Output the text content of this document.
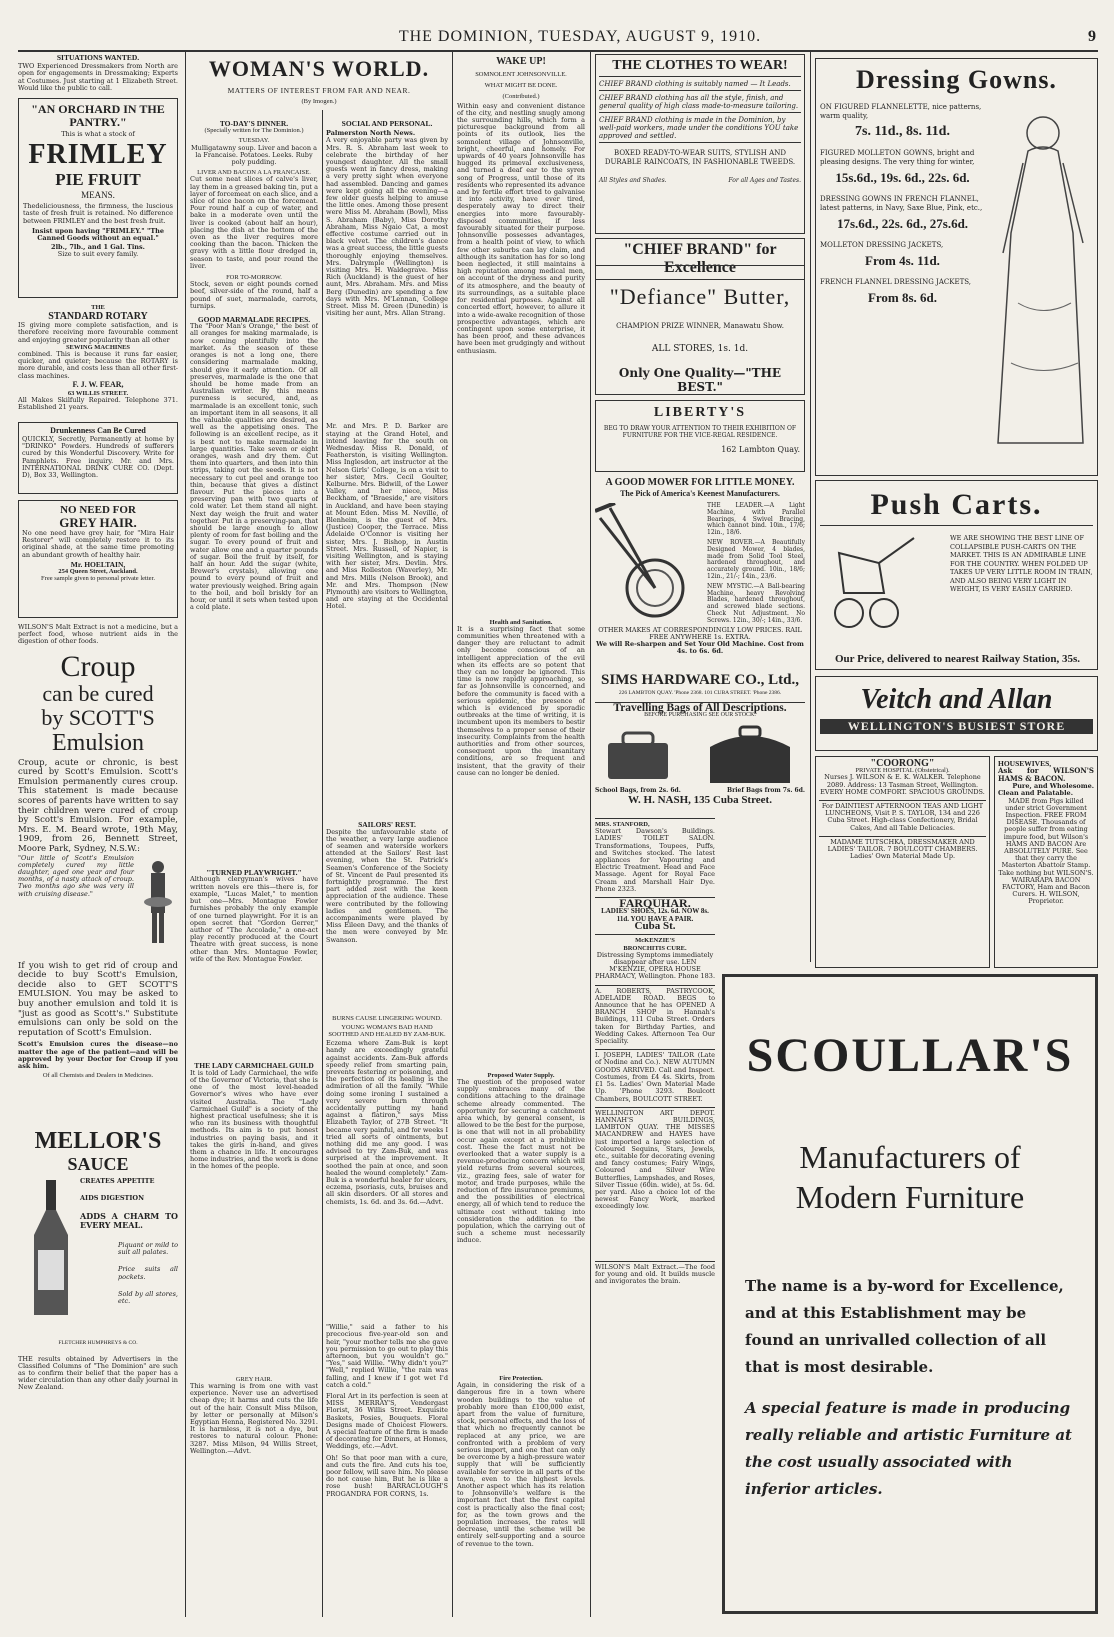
THE DOMINION, TUESDAY, AUGUST 9, 1910.	9
SITUATIONS WANTED.
TWO Experienced Dressmakers from North are open for engagements in Dressmaking; Experts at Costumes. Just starting at 1 Elizabeth Street. Would like the public to call.
"AN ORCHARD IN THE PANTRY."
This is what a stock of
FRIMLEY
PIE FRUIT
MEANS.
Thedeliciousness, the firmness, the luscious taste of fresh fruit is retained. No difference between FRIMLEY and the best fresh fruit.
Insist upon having "FRIMLEY." "The Canned Goods without an equal."
2lb., 7lb., and 1 Gal. Tins.
Size to suit every family.
THE
STANDARD ROTARY
IS giving more complete satisfaction, and is therefore receiving more favourable comment and enjoying greater popularity than all other
SEWING MACHINES
combined. This is because it runs far easier, quicker, and quieter; because the ROTARY is more durable, and costs less than all other first-class machines.
F. J. W. FEAR,
63 WILLIS STREET.
All Makes Skilfully Repaired. Telephone 371. Established 21 years.
Drunkenness Can Be Cured
QUICKLY, Secretly, Permanently at home by "DRINKO" Powders. Hundreds of sufferers cured by this Wonderful Discovery. Write for Pamphlets. Free inquiry. Mr. and Mrs. INTERNATIONAL DRINK CURE CO. (Dept. D), Box 33, Wellington.
NO NEED FOR
GREY HAIR.
No one need have grey hair, for "Mira Hair Restorer" will completely restore it to its original shade, at the same time promoting an abundant growth of healthy hair.
Mr. HOELTAIN,
254 Queen Street, Auckland.
Free sample given to personal private letter.
WILSON'S Malt Extract is not a medicine, but a perfect food, whose nutrient aids in the digestion of other foods.
Croup
can be cured
by SCOTT'S
Emulsion
Croup, acute or chronic, is best cured by Scott's Emulsion. Scott's Emulsion permanently cures croup. This statement is made because scores of parents have written to say their children were cured of croup by Scott's Emulsion. For example, Mrs. E. M. Beard wrote, 19th May, 1909, from 26, Bennett Street, Moore Park, Sydney, N.S.W.:
"Our little of Scott's Emulsion completely cured my little daughter, aged one year and four months, of a nasty attack of croup. Two months ago she was very ill with cruising disease."
If you wish to get rid of croup and decide to buy Scott's Emulsion, decide also to GET SCOTT'S EMULSION. You may be asked to buy another emulsion and told it is "just as good as Scott's." Substitute emulsions can only be sold on the reputation of Scott's Emulsion.
Scott's Emulsion cures the disease—no matter the age of the patient—and will be approved by your Doctor for Croup if you ask him.
Of all Chemists and Dealers in Medicines.
MELLOR'S
SAUCE
CREATES APPETITE
AIDS DIGESTION
ADDS A CHARM TO EVERY MEAL.
Piquant or mild to suit all palates.
Price suits all pockets.
Sold by all stores, etc.
FLETCHER HUMPHREYS & CO.
THE results obtained by Advertisers in the Classified Columns of "The Dominion" are such as to confirm their belief that the paper has a wider circulation than any other daily journal in New Zealand.
WOMAN'S WORLD.
MATTERS OF INTEREST FROM FAR AND NEAR.
(By Imogen.)
TO-DAY'S DINNER.
(Specially written for The Dominion.)
TUESDAY.
Mulligatawny soup. Liver and bacon a la Francaise. Potatoes. Leeks. Ruby poly pudding.
LIVER AND BACON A LA FRANCAISE.
Cut some neat slices of calve's liver, lay them in a greased baking tin, put a layer of forcemeat on each slice, and a slice of nice bacon on the forcemeat. Pour round half a cup of water, and bake in a moderate oven until the liver is cooked (about half an hour), placing the dish at the bottom of the oven as the liver requires more cooking than the bacon. Thicken the gravy with a little flour dredged in, season to taste, and pour round the liver.
FOR TO-MORROW.
Stock, seven or eight pounds corned beef, silver-side of the round, half a pound of suet, marmalade, carrots, turnips.
GOOD MARMALADE RECIPES.
The "Poor Man's Orange," the best of all oranges for making marmalade, is now coming plentifully into the market. As the season of these oranges is not a long one, there considering marmalade making, should give it early attention. Of all preserves, marmalade is the one that should be home made from an Australian writer. By this means pureness is secured, and, as marmalade is an excellent tonic, such an important item in all seasons, it all the valuable qualities are desired, as well as the appetising ones. The following is an excellent recipe, as it is best not to make marmalade in large quantities. Take seven or eight oranges, wash and dry them. Cut them into quarters, and then into thin strips, taking out the seeds. It is not necessary to cut peel and orange too thin, because that gives a distinct flavour. Put the pieces into a preserving pan with two quarts of cold water. Let them stand all night. Next day weigh the fruit and water together. Put in a preserving-pan, that should be large enough to allow plenty of room for fast boiling and the sugar. To every pound of fruit and water allow one and a quarter pounds of sugar. Boil the fruit by itself, for half an hour. Add the sugar (white, Brewer's crystals), allowing one pound to every pound of fruit and water previously weighed. Bring again to the boil, and boil briskly for an hour, or until it sets when tested upon a cold plate.
"TURNED PLAYWRIGHT."
Although clergyman's wives have written novels ere this—there is, for example, "Lucas Malet," to mention but one—Mrs. Montague Fowler furnishes probably the only example of one turned playwright. For it is an open secret that "Gordon Gerrer," author of "The Accolade," a one-act play recently produced at the Court Theatre with great success, is none other than Mrs. Montague Fowler, wife of the Rev. Montague Fowler.
THE LADY CARMICHAEL GUILD
It is told of Lady Carmichael, the wife of the Governor of Victoria, that she is one of the most level-headed Governor's wives who have ever visited Australia. The "Lady Carmichael Guild" is a society of the highest practical usefulness; she it is who ran its business with thoughtful methods. Its aim is to put honest industries on paying basis, and it takes the girls in-hand, and gives them a chance in life. It encourages home industries, and the work is done in the homes of the people.
GREY HAIR.
This warning is from one with vast experience. Never use an advertised cheap dye; it harms and cuts the life out of the hair. Consult Miss Milson, by letter or personally at Milson's Egyptian Henna, Registered No. 3291. It is harmless, it is not a dye, but restores to natural colour. Phone: 3287. Miss Milson, 94 Willis Street, Wellington.—Advt.
SOCIAL AND PERSONAL.
Palmerston North News.
A very enjoyable party was given by Mrs. R. S. Abraham last week to celebrate the birthday of her youngest daughter. All the small guests went in fancy dress, making a very pretty sight when everyone had assembled. Dancing and games were kept going all the evening—a few older guests helping to amuse the little ones. Among those present were Miss M. Abraham (Bowl), Miss S. Abraham (Baby), Miss Dorothy Abraham, Miss Ngaio Cat, a most effective costume carried out in black velvet. The children's dance was a great success, the little guests thoroughly enjoying themselves. Mrs. Dalrymple (Wellington) is visiting Mrs. H. Waldegrave. Miss Rich (Auckland) is the guest of her aunt, Mrs. Abraham. Mrs. and Miss Berg (Dunedin) are spending a few days with Mrs. M'Lennan, College Street. Miss M. Green (Dunedin) is visiting her aunt, Mrs. Allan Strang.
Mr. and Mrs. P. D. Barker are staying at the Grand Hotel, and intend leaving for the south on Wednesday. Miss R. Donald, of Featherston, is visiting Wellington. Miss Inglesdon, art instructor at the Nelson Girls' College, is on a visit to her sister, Mrs. Cecil Goulter, Kelburne. Mrs. Bidwill, of the Lower Valley, and her niece, Miss Beckham, of "Braeside," are visitors in Auckland, and have been staying at Mount Eden. Miss M. Neville, of Blenheim, is the guest of Mrs. (Justice) Cooper, the Terrace. Miss Adelaide O'Connor is visiting her sister, Mrs. J. Bishop, in Austin Street. Mrs. Russell, of Napier, is visiting Wellington, and is staying with her sister, Mrs. Devlin. Mrs. and Miss Rolleston (Waverley), Mr. and Mrs. Mills (Nelson Brook), and Mr. and Mrs. Thompson (New Plymouth) are visitors to Wellington, and are staying at the Occidental Hotel.
SAILORS' REST.
Despite the unfavourable state of the weather, a very large audience of seamen and waterside workers attended at the Sailors' Rest last evening, when the St. Patrick's Seamen's Conference of the Society of St. Vincent de Paul presented its fortnightly programme. The first part added zest with the keen appreciation of the audience. These were contributed by the following ladies and gentlemen. The accompaniments were played by Miss Eileen Davy, and the thanks of the men were conveyed by Mr. Swanson.
BURNS CAUSE LINGERING WOUND.
YOUNG WOMAN'S BAD HAND SOOTHED AND HEALED BY ZAM-BUK.
Eczema where Zam-Buk is kept handy are exceedingly grateful against accidents. Zam-Buk affords speedy relief from smarting pain, prevents festering or poisoning, and the perfection of its healing is the admiration of all the family. "While doing some ironing I sustained a very severe burn through accidentally putting my hand against a flatiron," says Miss Elizabeth Taylor, of 27B Street. "It became very painful, and for weeks I tried all sorts of ointments, but nothing did me any good. I was advised to try Zam-Buk, and was surprised at the improvement. It soothed the pain at once, and soon healed the wound completely." Zam-Buk is a wonderful healer for ulcers, eczema, psoriasis, cuts, bruises and all skin disorders. Of all stores and chemists, 1s. 6d. and 3s. 6d.—Advt.
"Willie," said a father to his precocious five-year-old son and heir, "your mother tells me she gave you permission to go out to play this afternoon, but you wouldn't go." "Yes," said Willie. "Why didn't you?" "Well," replied Willie, "the rain was falling, and I knew if I got wet I'd catch a cold."
Floral Art in its perfection is seen at MISS MERRAY'S, Vendergast Florist, 36 Willis Street. Exquisite Baskets, Posies, Bouquets. Floral Designs made of Choicest Flowers. A special feature of the firm is made of decorating for Dinners, at Homes, Weddings, etc.—Advt.
Oh! So that poor man with a cure, and cuts the fire. And cuts his toe, poor fellow, will save him. No please do not cause him, But he is like a rose bush! BARRACLOUGH'S PROGANDRA FOR CORNS, 1s.
WAKE UP!
SOMNOLENT JOHNSONVILLE.
WHAT MIGHT BE DONE.
(Contributed.)
Within easy and convenient distance of the city, and nestling snugly among the surrounding hills, which form a picturesque background from all points of its outlook, lies the somnolent village of Johnsonville, bright, cheerful, and homely. For upwards of 40 years Johnsonville has hugged its primeval exclusiveness, and turned a deaf ear to the syren song of Progress, until those of its residents who represented its advance and by fertile effort tried to galvanise it into activity, have ever tired, desperately away to direct their energies into more favourably-disposed communities, if less favourably situated for their purpose. Johnsonville possesses advantages, from a health point of view, to which few other suburbs can lay claim, and although its sanitation has for so long been neglected, it still maintains a high reputation among medical men, on account of the dryness and purity of its atmosphere, and the beauty of its surroundings, as a suitable place for residential purposes. Against all concerted effort, however, to allure it into a wide-awake recognition of those prospective advantages, which are contingent upon some enterprise, it has been proof, and these advances have been met grudgingly and without enthusiasm.
Health and Sanitation.
It is a surprising fact that some communities when threatened with a danger they are reluctant to admit only become conscious of an intelligent appreciation of the evil when its effects are so potent that they can no longer be ignored. This time is now rapidly approaching, so far as Johnsonville is concerned, and before the community is faced with a serious epidemic, the presence of which is evidenced by sporadic outbreaks at the time of writing, it is incumbent upon its members to bestir themselves to a proper sense of their insecurity. Complaints from the health authorities and from other sources, consequent upon the insanitary conditions, are so frequent and insistent, that the gravity of their cause can no longer be denied.
Proposed Water Supply.
The question of the proposed water supply embraces many of the conditions attaching to the drainage scheme already commented. The opportunity for securing a catchment area which, by general consent, is allowed to be the best for the purpose, is one that will not in all probability occur again except at a prohibitive cost. These the fact must not be overlooked that a water supply is a revenue-producing concern which will yield returns from several sources, viz., grazing fees, sale of water for motor, and trade purposes, while the reduction of fire insurance premiums, and the possibilities of electrical energy, all of which tend to reduce the ultimate cost without taking into consideration the addition to the population, which the carrying out of such a scheme must necessarily induce.
Fire Protection.
Again, in considering the risk of a dangerous fire in a town where wooden buildings to the value of probably more than £100,000 exist, apart from the value of furniture, stock, personal effects, and the loss of that which no frequently cannot be replaced at any price, we are confronted with a problem of very serious import, and one that can only be overcome by a high-pressure water supply that will be sufficiently available for service in all parts of the town, even to the highest levels. Another aspect which has its relation to Johnsonville's welfare is the important fact that the first capital cost is practically also the final cost; for, as the town grows and the population increases, the rates will decrease, until the scheme will be entirely self-supporting and a source of revenue to the town.
THE CLOTHES TO WEAR!
CHIEF BRAND clothing is suitably named — It Leads.
CHIEF BRAND clothing has all the style, finish, and general quality of high class made-to-measure tailoring.
CHIEF BRAND clothing is made in the Dominion, by well-paid workers, made under the conditions YOU take approved and settled.
BOXED READY-TO-WEAR SUITS, STYLISH AND DURABLE RAINCOATS, IN FASHIONABLE TWEEDS.
All Styles and Shades.	For all Ages and Tastes.
"CHIEF BRAND" for Excellence
"Defiance" Butter,
CHAMPION PRIZE WINNER, Manawatu Show.
ALL STORES, 1s. 1d.
Only One Quality—"THE BEST."
LIBERTY'S
BEG TO DRAW YOUR ATTENTION TO THEIR EXHIBITION OF FURNITURE FOR THE VICE-REGAL RESIDENCE.
162 Lambton Quay.
A GOOD MOWER FOR LITTLE MONEY.
The Pick of America's Keenest Manufacturers.
THE LEADER.—A Light Machine, with Parallel Bearings, 4 Swivel Bracing, which cannot bind. 10in., 17/6; 12in., 18/6.
NEW ROVER.—A Beautifully Designed Mower, 4 blades, made from Solid Tool Steel, hardened throughout, and accurately ground. 10in., 18/6; 12in., 21/-; 14in., 23/6.
NEW MYSTIC.—A Ball-bearing Machine, heavy Revolving Blades, hardened throughout, and screwed blade sections. Check Nut Adjustment. No Screws. 12in., 30/-; 14in., 33/6.
OTHER MAKES AT CORRESPONDINGLY LOW PRICES. RAIL FREE ANYWHERE 1s. EXTRA.
We will Re-sharpen and Set Your Old Machine. Cost from 4s. to 6s. 6d.
SIMS HARDWARE CO., Ltd.,
226 LAMBTON QUAY. 'Phone 2368. 101 CUBA STREET. 'Phone 2386.
Travelling Bags of All Descriptions.
BEFORE PURCHASING SEE OUR STOCK.
School Bags, from 2s. 6d.	Brief Bags from 7s. 6d.
W. H. NASH, 135 Cuba Street.
MRS. STANFORD,
Stewart Dawson's Buildings. LADIES' TOILET SALON. Transformations, Toupees, Puffs, and Switches stocked. The latest appliances for Vapouring and Electric Treatment. Head and Face Massage. Agent for Royal Face Cream and Marshall Hair Dye. Phone 2323.
FARQUHAR.
LADIES' SHOES, 12s. 6d. NOW 8s. 11d. YOU HAVE A PAIR.
Cuba St.
McKENZIE'S
BRONCHITIS CURE.
Distressing Symptoms immediately disappear after use. LEN M'KENZIE, OPERA HOUSE PHARMACY, Wellington. Phone 183.
A. ROBERTS, PASTRYCOOK, ADELAIDE ROAD. BEGS to Announce that he has OPENED A BRANCH SHOP in Hannah's Buildings, 111 Cuba Street. Orders taken for Birthday Parties, and Wedding Cakes. Afternoon Tea Our Speciality.
I. JOSEPH, LADIES' TAILOR (Late of Nodine and Co.). NEW AUTUMN GOODS ARRIVED. Call and Inspect. Costumes, from £4 4s. Skirts, from £1 5s. Ladies' Own Material Made Up. 'Phone 3293. Boulcott Chambers, BOULCOTT STREET.
WELLINGTON ART DEPOT. HANNAH'S BUILDINGS, LAMBTON QUAY. THE MISSES MACANDREW and HAYES have just imported a large selection of Coloured Sequins, Stars, Jewels, etc., suitable for decorating evening and fancy costumes; Fairy Wings, Coloured and Silver Wire Butterflies, Lampshades, and Roses, Silver Tissue (60in. wide), at 5s. 6d. per yard. Also a choice lot of the newest Fancy Work, marked exceedingly low.
WILSON'S Malt Extract.—The food for young and old. It builds muscle and invigorates the brain.
Dressing Gowns.
ON FIGURED FLANNELETTE, nice patterns, warm quality,
7s. 11d., 8s. 11d.
FIGURED MOLLETON GOWNS, bright and pleasing designs. The very thing for winter,
15s.6d., 19s. 6d., 22s. 6d.
DRESSING GOWNS IN FRENCH FLANNEL, latest patterns, in Navy, Saxe Blue, Pink, etc.,
17s.6d., 22s. 6d., 27s.6d.
MOLLETON DRESSING JACKETS,
From 4s. 11d.
FRENCH FLANNEL DRESSING JACKETS,
From 8s. 6d.
Push Carts.
WE ARE SHOWING THE BEST LINE OF COLLAPSIBLE PUSH-CARTS ON THE MARKET. THIS IS AN ADMIRABLE LINE FOR THE COUNTRY. WHEN FOLDED UP TAKES UP VERY LITTLE ROOM IN TRAIN, AND ALSO BEING VERY LIGHT IN WEIGHT, IS VERY EASILY CARRIED.
Our Price, delivered to nearest Railway Station, 35s.
Veitch and Allan
WELLINGTON'S BUSIEST STORE
"COORONG"
PRIVATE HOSPITAL (Obstetrical).
Nurses J. WILSON & E. K. WALKER. Telephone 2089. Address: 13 Tasman Street, Wellington. EVERY HOME COMFORT. SPACIOUS GROUNDS.
For DAINTIEST AFTERNOON TEAS AND LIGHT LUNCHEONS, Visit P. S. TAYLOR, 134 and 226 Cuba Street. High-class Confectionery, Bridal Cakes, And all Table Delicacies.
MADAME TUTSCHKA, DRESSMAKER AND LADIES' TAILOR. 7 BOULCOTT CHAMBERS. Ladies' Own Material Made Up.
HOUSEWIVES,
Ask for WILSON'S HAMS & BACON.
Pure, and Wholesome.
Clean and Palatable.
MADE from Pigs killed under strict Government Inspection. FREE FROM DISEASE. Thousands of people suffer from eating impure food, but Wilson's HAMS AND BACON Are ABSOLUTELY PURE. See that they carry the Masterton Abattoir Stamp. Take nothing but WILSON'S. WAIRARAPA BACON FACTORY, Ham and Bacon Curers. H. WILSON, Proprietor.
SCOULLAR'S
Manufacturers of
Modern Furniture
The name is a by-word for Excellence, and at this Establishment may be found an unrivalled collection of all that is most desirable.
A special feature is made in producing really reliable and artistic Furniture at the cost usually associated with inferior articles.
